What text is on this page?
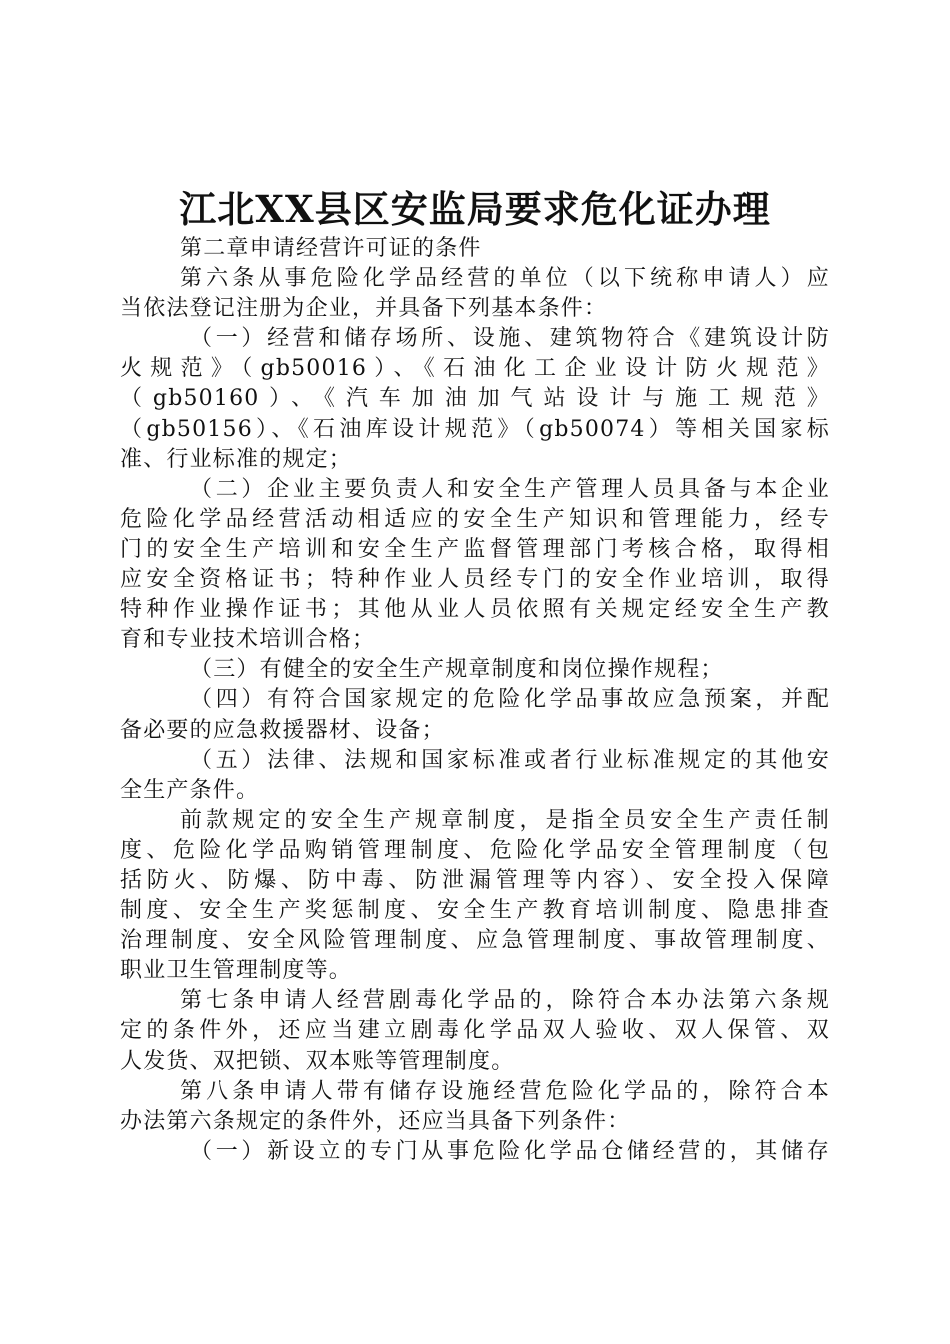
江北XX县区安监局要求危化证办理
第二章申请经营许可证的条件
第六条从事危险化学品经营的单位（以下统称申请人）应
当依法登记注册为企业，并具备下列基本条件：
（一）经营和储存场所、设施、建筑物符合《建筑设计防
火规范》（gb50016）、《石油化工企业设计防火规范》
（gb50160）、《汽车加油加气站设计与施工规范》
（gb50156）、《石油库设计规范》（gb50074）等相关国家标
准、行业标准的规定；
（二）企业主要负责人和安全生产管理人员具备与本企业
危险化学品经营活动相适应的安全生产知识和管理能力，经专
门的安全生产培训和安全生产监督管理部门考核合格，取得相
应安全资格证书；特种作业人员经专门的安全作业培训，取得
特种作业操作证书；其他从业人员依照有关规定经安全生产教
育和专业技术培训合格；
（三）有健全的安全生产规章制度和岗位操作规程；
（四）有符合国家规定的危险化学品事故应急预案，并配
备必要的应急救援器材、设备；
（五）法律、法规和国家标准或者行业标准规定的其他安
全生产条件。
前款规定的安全生产规章制度，是指全员安全生产责任制
度、危险化学品购销管理制度、危险化学品安全管理制度（包
括防火、防爆、防中毒、防泄漏管理等内容）、安全投入保障
制度、安全生产奖惩制度、安全生产教育培训制度、隐患排查
治理制度、安全风险管理制度、应急管理制度、事故管理制度、
职业卫生管理制度等。
第七条申请人经营剧毒化学品的，除符合本办法第六条规
定的条件外，还应当建立剧毒化学品双人验收、双人保管、双
人发货、双把锁、双本账等管理制度。
第八条申请人带有储存设施经营危险化学品的，除符合本
办法第六条规定的条件外，还应当具备下列条件：
（一）新设立的专门从事危险化学品仓储经营的，其储存
